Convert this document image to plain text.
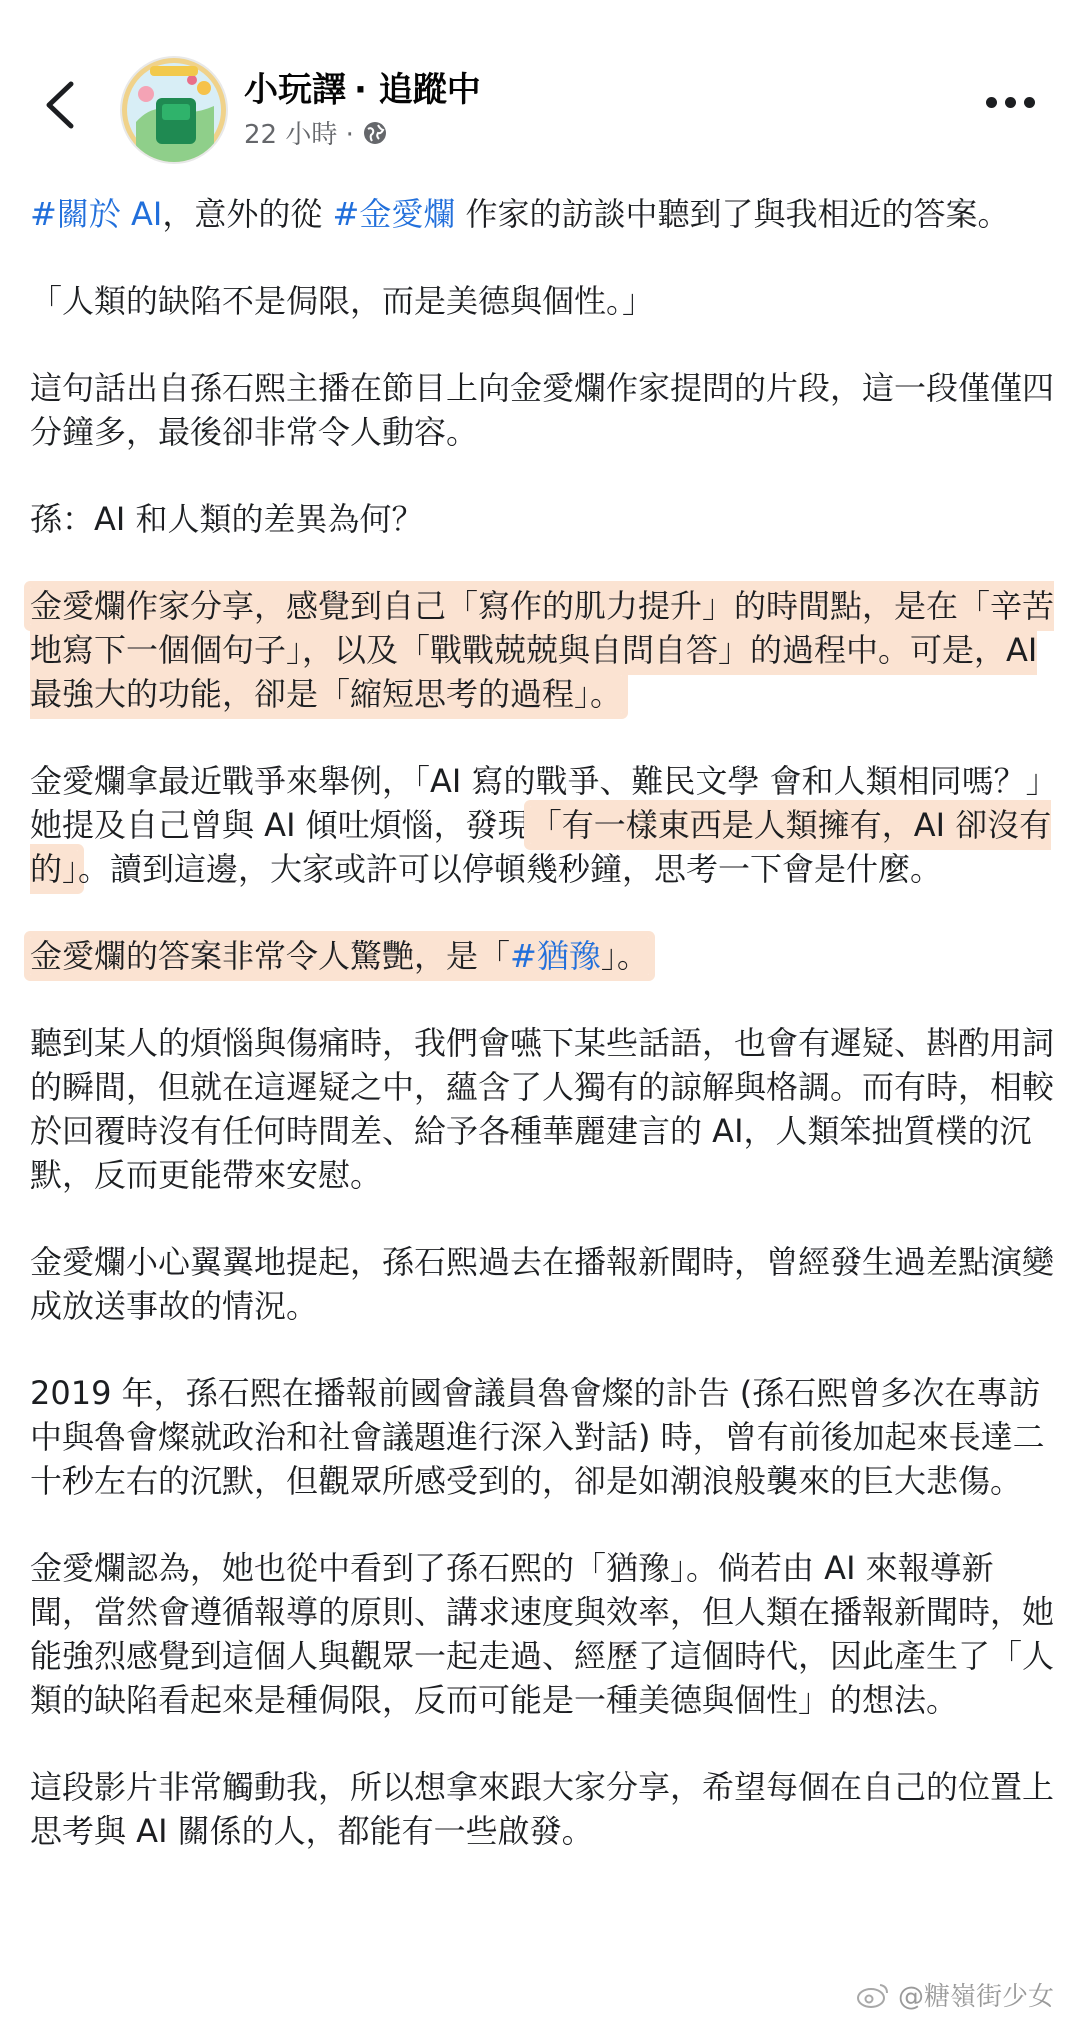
小玩譯 · 追蹤中
22 小時 ·

#關於 AI，意外的從 #金愛爛 作家的訪談中聽到了與我相近的答案。

「人類的缺陷不是侷限，而是美德與個性。」

這句話出自孫石熙主播在節目上向金愛爛作家提問的片段，這一段僅僅四分鐘多，最後卻非常令人動容。

孫：AI 和人類的差異為何？

金愛爛作家分享，感覺到自己「寫作的肌力提升」的時間點，是在「辛苦地寫下一個個句子」，以及「戰戰兢兢與自問自答」的過程中。可是，AI 最強大的功能，卻是「縮短思考的過程」。

金愛爛拿最近戰爭來舉例，「AI 寫的戰爭、難民文學 會和人類相同嗎？」她提及自己曾與 AI 傾吐煩惱，發現「有一樣東西是人類擁有，AI 卻沒有的」。讀到這邊，大家或許可以停頓幾秒鐘，思考一下會是什麼。

金愛爛的答案非常令人驚艷，是「#猶豫」。

聽到某人的煩惱與傷痛時，我們會嚥下某些話語，也會有遲疑、斟酌用詞的瞬間，但就在這遲疑之中，蘊含了人獨有的諒解與格調。而有時，相較於回覆時沒有任何時間差、給予各種華麗建言的 AI，人類笨拙質樸的沉默，反而更能帶來安慰。

金愛爛小心翼翼地提起，孫石熙過去在播報新聞時，曾經發生過差點演變成放送事故的情況。

2019 年，孫石熙在播報前國會議員魯會燦的訃告 (孫石熙曾多次在專訪中與魯會燦就政治和社會議題進行深入對話) 時，曾有前後加起來長達二十秒左右的沉默，但觀眾所感受到的，卻是如潮浪般襲來的巨大悲傷。

金愛爛認為，她也從中看到了孫石熙的「猶豫」。倘若由 AI 來報導新聞，當然會遵循報導的原則、講求速度與效率，但人類在播報新聞時，她能強烈感覺到這個人與觀眾一起走過、經歷了這個時代，因此產生了「人類的缺陷看起來是種侷限，反而可能是一種美德與個性」的想法。

這段影片非常觸動我，所以想拿來跟大家分享，希望每個在自己的位置上思考與 AI 關係的人，都能有一些啟發。

@糖嶺街少女
